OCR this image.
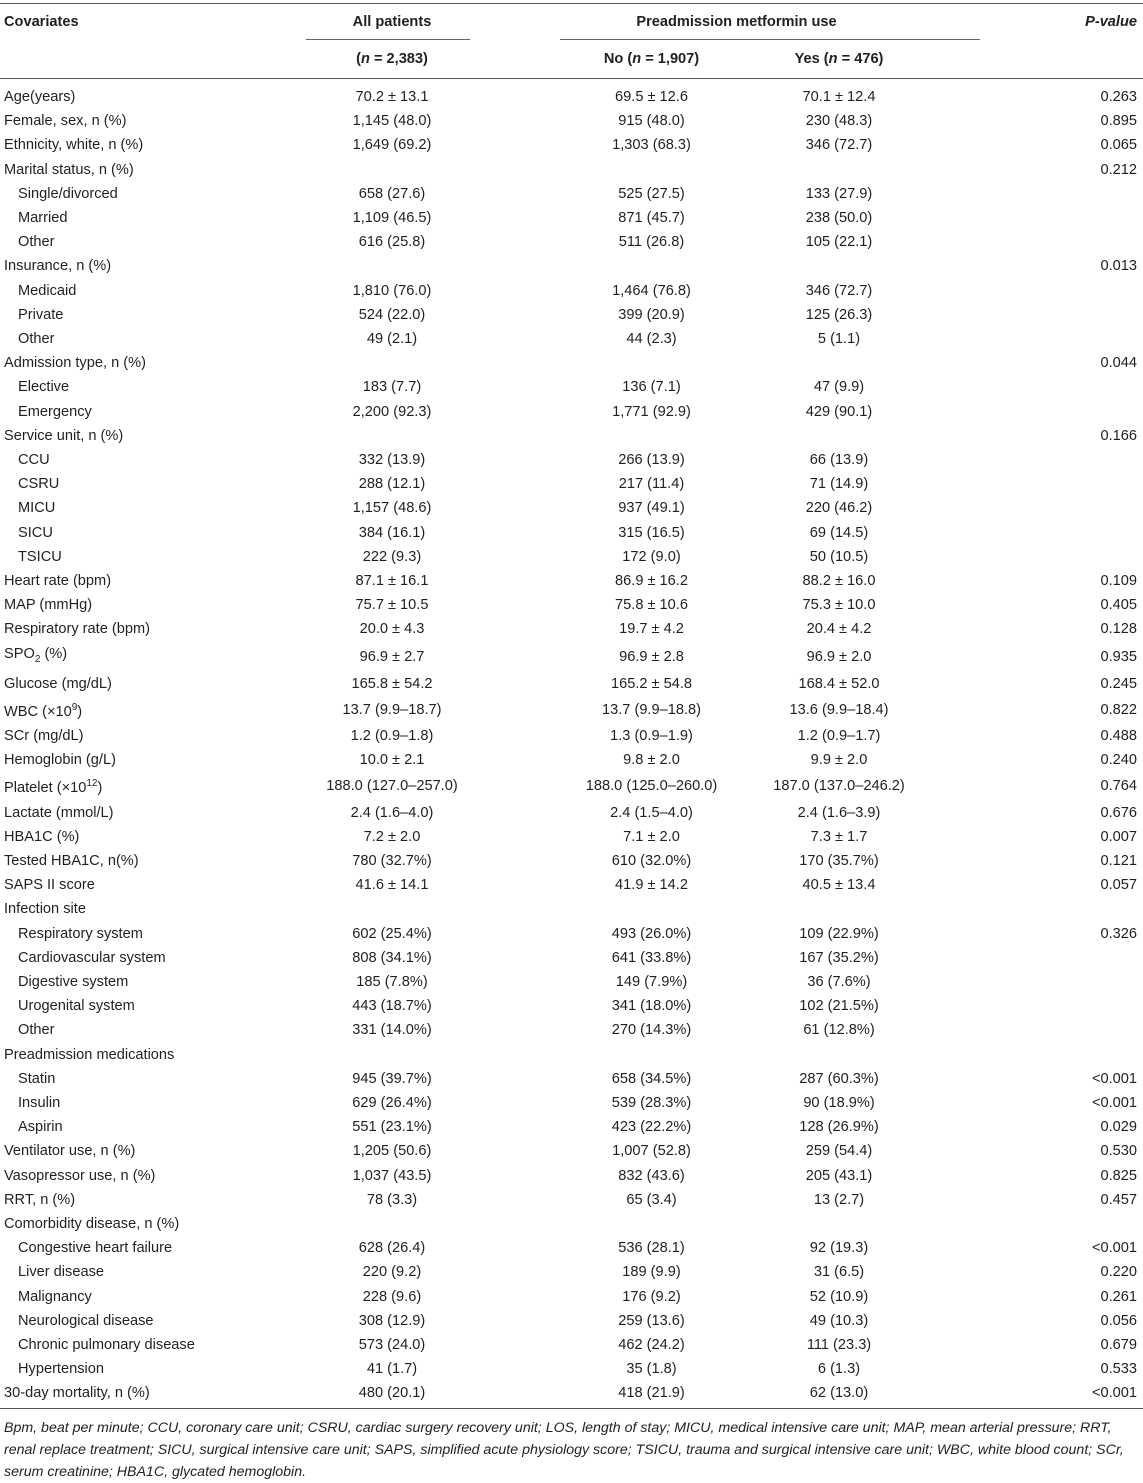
Covariates	All patients		Preadmission metformin use		P-value
	(n = 2,383)		No (n = 1,907)	Yes (n = 476)	

Age(years)	70.2 ± 13.1		69.5 ± 12.6	70.1 ± 12.4	0.263
Female, sex, n (%)	1,145 (48.0)		915 (48.0)	230 (48.3)	0.895
Ethnicity, white, n (%)	1,649 (69.2)		1,303 (68.3)	346 (72.7)	0.065
Marital status, n (%)					0.212
Single/divorced	658 (27.6)		525 (27.5)	133 (27.9)	
Married	1,109 (46.5)		871 (45.7)	238 (50.0)	
Other	616 (25.8)		511 (26.8)	105 (22.1)	
Insurance, n (%)					0.013
Medicaid	1,810 (76.0)		1,464 (76.8)	346 (72.7)	
Private	524 (22.0)		399 (20.9)	125 (26.3)	
Other	49 (2.1)		44 (2.3)	5 (1.1)	
Admission type, n (%)					0.044
Elective	183 (7.7)		136 (7.1)	47 (9.9)	
Emergency	2,200 (92.3)		1,771 (92.9)	429 (90.1)	
Service unit, n (%)					0.166
CCU	332 (13.9)		266 (13.9)	66 (13.9)	
CSRU	288 (12.1)		217 (11.4)	71 (14.9)	
MICU	1,157 (48.6)		937 (49.1)	220 (46.2)	
SICU	384 (16.1)		315 (16.5)	69 (14.5)	
TSICU	222 (9.3)		172 (9.0)	50 (10.5)	
Heart rate (bpm)	87.1 ± 16.1		86.9 ± 16.2	88.2 ± 16.0	0.109
MAP (mmHg)	75.7 ± 10.5		75.8 ± 10.6	75.3 ± 10.0	0.405
Respiratory rate (bpm)	20.0 ± 4.3		19.7 ± 4.2	20.4 ± 4.2	0.128
$SPO_2$ (%)	96.9 ± 2.7		96.9 ± 2.8	96.9 ± 2.0	0.935
Glucose (mg/dL)	165.8 ± 54.2		165.2 ± 54.8	168.4 ± 52.0	0.245
WBC $(\times 10^9)$	13.7 (9.9–18.7)		13.7 (9.9–18.8)	13.6 (9.9–18.4)	0.822
SCr (mg/dL)	1.2 (0.9–1.8)		1.3 (0.9–1.9)	1.2 (0.9–1.7)	0.488
Hemoglobin (g/L)	10.0 ± 2.1		9.8 ± 2.0	9.9 ± 2.0	0.240
Platelet $(\times 10^{12})$	188.0 (127.0–257.0)		188.0 (125.0–260.0)	187.0 (137.0–246.2)	0.764
Lactate (mmol/L)	2.4 (1.6–4.0)		2.4 (1.5–4.0)	2.4 (1.6–3.9)	0.676
HBA1C (%)	7.2 ± 2.0		7.1 ± 2.0	7.3 ± 1.7	0.007
Tested HBA1C, n(%)	780 (32.7%)		610 (32.0%)	170 (35.7%)	0.121
SAPS II score	41.6 ± 14.1		41.9 ± 14.2	40.5 ± 13.4	0.057
Infection site					
Respiratory system	602 (25.4%)		493 (26.0%)	109 (22.9%)	0.326
Cardiovascular system	808 (34.1%)		641 (33.8%)	167 (35.2%)	
Digestive system	185 (7.8%)		149 (7.9%)	36 (7.6%)	
Urogenital system	443 (18.7%)		341 (18.0%)	102 (21.5%)	
Other	331 (14.0%)		270 (14.3%)	61 (12.8%)	
Preadmission medications					
Statin	945 (39.7%)		658 (34.5%)	287 (60.3%)	<0.001
Insulin	629 (26.4%)		539 (28.3%)	90 (18.9%)	<0.001
Aspirin	551 (23.1%)		423 (22.2%)	128 (26.9%)	0.029
Ventilator use, n (%)	1,205 (50.6)		1,007 (52.8)	259 (54.4)	0.530
Vasopressor use, n (%)	1,037 (43.5)		832 (43.6)	205 (43.1)	0.825
RRT, n (%)	78 (3.3)		65 (3.4)	13 (2.7)	0.457
Comorbidity disease, n (%)					
Congestive heart failure	628 (26.4)		536 (28.1)	92 (19.3)	<0.001
Liver disease	220 (9.2)		189 (9.9)	31 (6.5)	0.220
Malignancy	228 (9.6)		176 (9.2)	52 (10.9)	0.261
Neurological disease	308 (12.9)		259 (13.6)	49 (10.3)	0.056
Chronic pulmonary disease	573 (24.0)		462 (24.2)	111 (23.3)	0.679
Hypertension	41 (1.7)		35 (1.8)	6 (1.3)	0.533
30-day mortality, n (%)	480 (20.1)		418 (21.9)	62 (13.0)	<0.001
Bpm, beat per minute; CCU, coronary care unit; CSRU, cardiac surgery recovery unit; LOS, length of stay; MICU, medical intensive care unit; MAP, mean arterial pressure; RRT, renal replace treatment; SICU, surgical intensive care unit; SAPS, simplified acute physiology score; TSICU, trauma and surgical intensive care unit; WBC, white blood count; SCr, serum creatinine; HBA1C, glycated hemoglobin.
